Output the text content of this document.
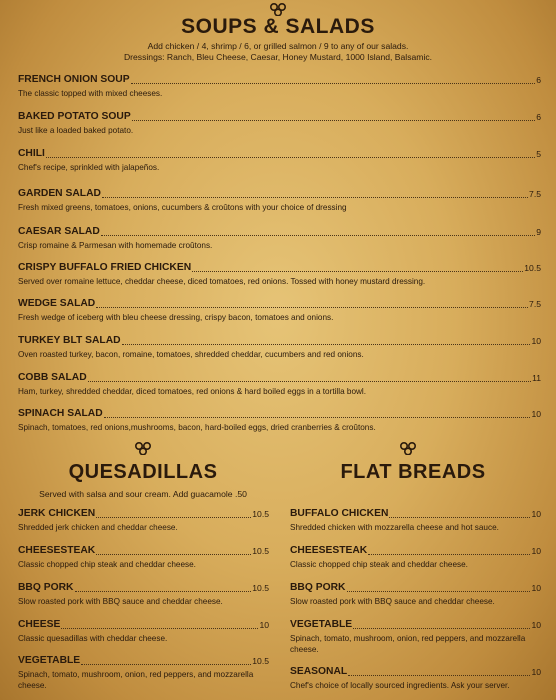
SOUPS & SALADS
Add chicken / 4, shrimp / 6, or grilled salmon / 9 to any of our salads.
Dressings: Ranch, Bleu Cheese, Caesar, Honey Mustard, 1000 Island, Balsamic.
FRENCH ONION SOUP	6
The classic topped with mixed cheeses.
BAKED POTATO SOUP	6
Just like a loaded baked potato.
CHILI	5
Chef's recipe, sprinkled with jalapeños.
GARDEN SALAD	7.5
Fresh mixed greens, tomatoes, onions, cucumbers & croûtons with your choice of dressing
CAESAR SALAD	9
Crisp romaine & Parmesan with homemade croûtons.
CRISPY BUFFALO FRIED CHICKEN	10.5
Served over romaine lettuce, cheddar cheese, diced tomatoes, red onions. Tossed with honey mustard dressing.
WEDGE SALAD	7.5
Fresh wedge of iceberg with bleu cheese dressing, crispy bacon, tomatoes and onions.
TURKEY BLT SALAD	10
Oven roasted turkey, bacon, romaine, tomatoes, shredded cheddar, cucumbers and red onions.
COBB SALAD	11
Ham, turkey, shredded cheddar, diced tomatoes, red onions & hard boiled eggs in a tortilla bowl.
SPINACH SALAD	10
Spinach, tomatoes, red onions,mushrooms, bacon, hard-boiled eggs, dried cranberries & croûtons.
QUESADILLAS
Served with salsa and sour cream. Add guacamole .50
FLAT BREADS
JERK CHICKEN	10.5
Shredded jerk chicken and cheddar cheese.
CHEESESTEAK	10.5
Classic chopped chip steak and cheddar cheese.
BBQ PORK	10.5
Slow roasted pork with BBQ sauce and cheddar cheese.
CHEESE	10
Classic quesadillas with cheddar cheese.
VEGETABLE	10.5
Spinach, tomato, mushroom, onion, red peppers, and mozzarella cheese.
BUFFALO CHICKEN	10
Shredded chicken with mozzarella cheese and hot sauce.
CHEESESTEAK	10
Classic chopped chip steak and cheddar cheese.
BBQ PORK	10
Slow roasted pork with BBQ sauce and cheddar cheese.
VEGETABLE	10
Spinach, tomato, mushroom, onion, red peppers, and mozzarella cheese.
SEASONAL	10
Chef's choice of locally sourced ingredients. Ask your server.
